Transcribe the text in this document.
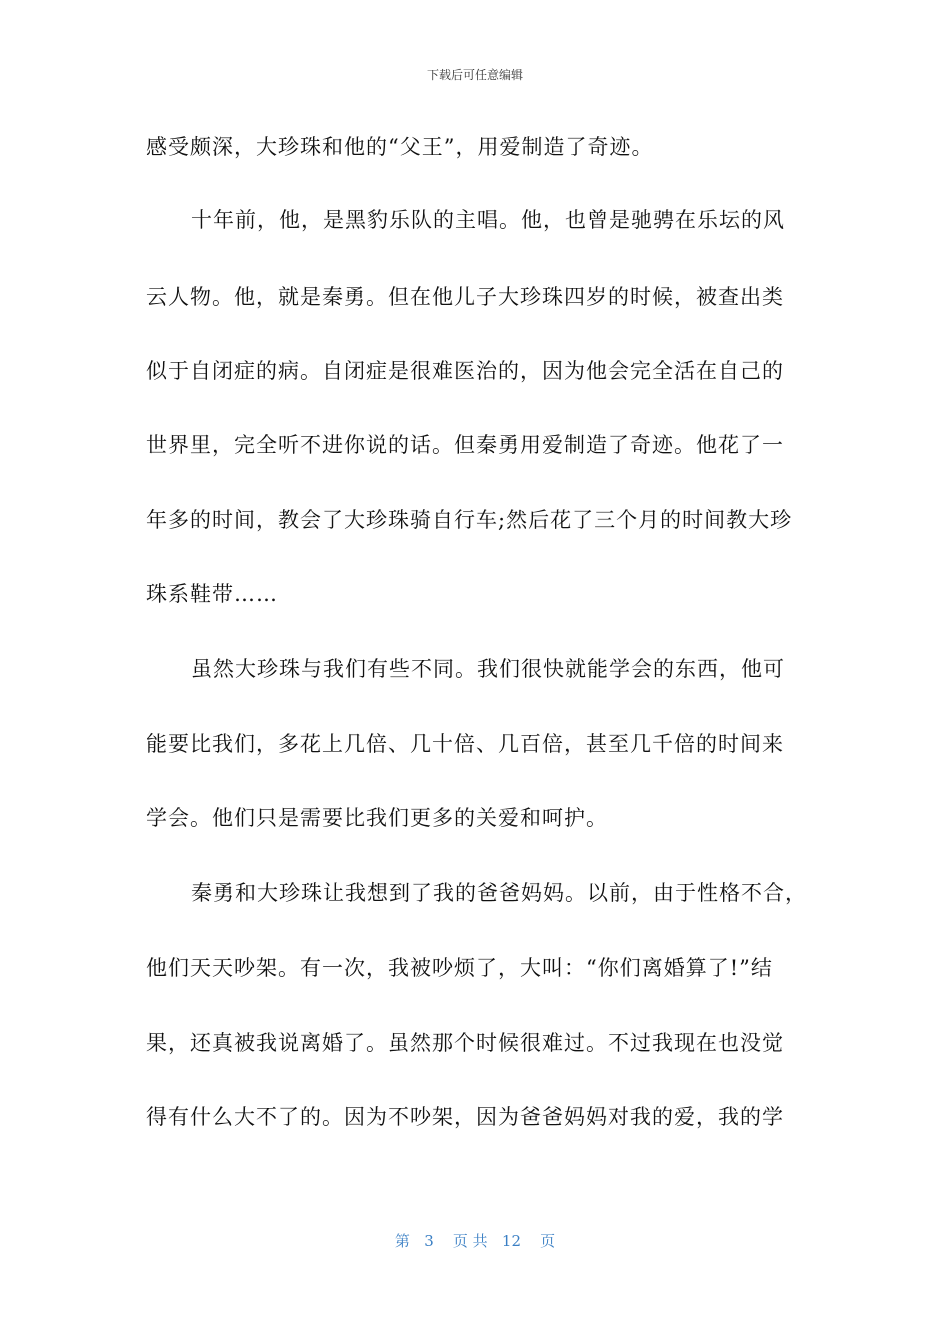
下载后可任意编辑
感受颇深，大珍珠和他的“父王”，用爱制造了奇迹。
十年前，他，是黑豹乐队的主唱。他，也曾是驰骋在乐坛的风
云人物。他，就是秦勇。但在他儿子大珍珠四岁的时候，被查出类
似于自闭症的病。自闭症是很难医治的，因为他会完全活在自己的
世界里，完全听不进你说的话。但秦勇用爱制造了奇迹。他花了一
年多的时间，教会了大珍珠骑自行车;然后花了三个月的时间教大珍
珠系鞋带……
虽然大珍珠与我们有些不同。我们很快就能学会的东西，他可
能要比我们，多花上几倍、几十倍、几百倍，甚至几千倍的时间来
学会。他们只是需要比我们更多的关爱和呵护。
秦勇和大珍珠让我想到了我的爸爸妈妈。以前，由于性格不合，
他们天天吵架。有一次，我被吵烦了，大叫：“你们离婚算了!”结
果，还真被我说离婚了。虽然那个时候很难过。不过我现在也没觉
得有什么大不了的。因为不吵架，因为爸爸妈妈对我的爱，我的学
第 3 页 共 12 页
